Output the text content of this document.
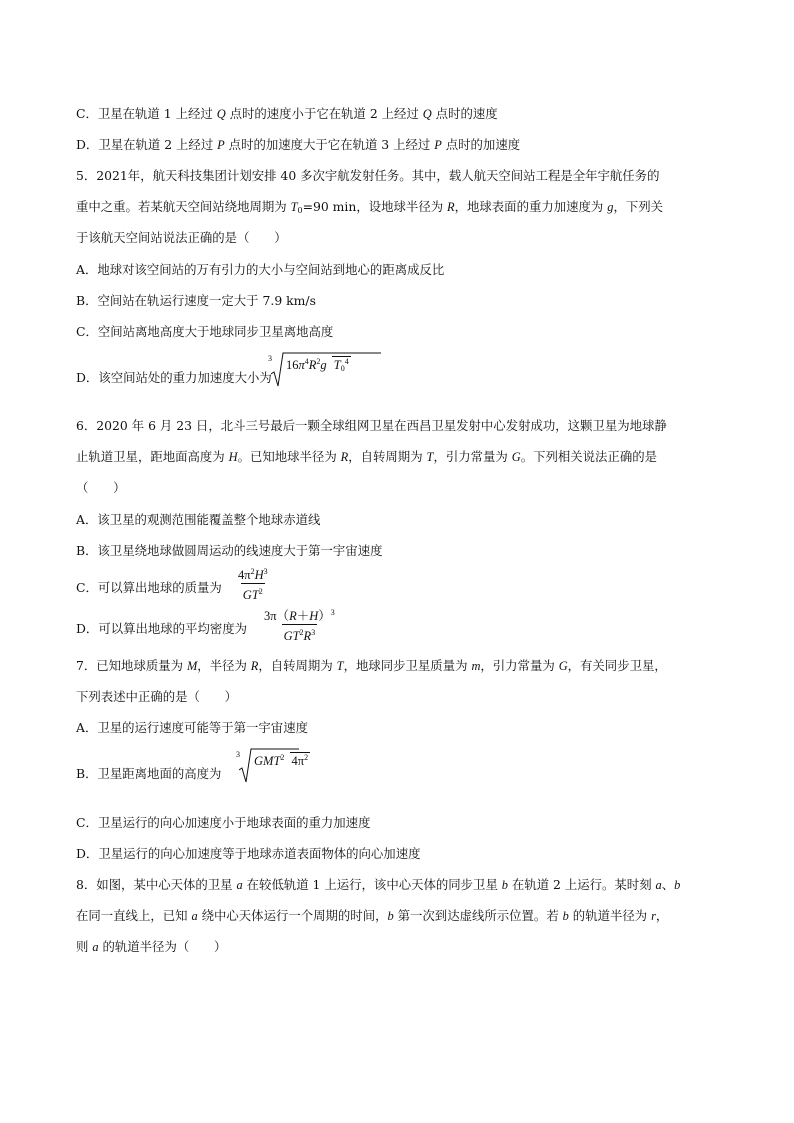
C．卫星在轨道 1 上经过 Q 点时的速度小于它在轨道 2 上经过 Q 点时的速度
D．卫星在轨道 2 上经过 P 点时的加速度大于它在轨道 3 上经过 P 点时的加速度
5．2021年，航天科技集团计划安排 40 多次宇航发射任务。其中，载人航天空间站工程是全年宇航任务的
重中之重。若某航天空间站绕地周期为 $T_0=90$ min，设地球半径为 R，地球表面的重力加速度为 g，下列关
于该航天空间站说法正确的是（　　）
A．地球对该空间站的万有引力的大小与空间站到地心的距离成反比
B．空间站在轨运行速度一定大于 7.9 km/s
C．空间站离地高度大于地球同步卫星离地高度
D．该空间站处的重力加速度大小为
3 $16\pi^4R^2g$ $T_0^4$
6．2020 年 6 月 23 日，北斗三号最后一颗全球组网卫星在西昌卫星发射中心发射成功，这颗卫星为地球静
止轨道卫星，距地面高度为 H。已知地球半径为 R，自转周期为 T，引力常量为 G。下列相关说法正确的是
（　　）
A．该卫星的观测范围能覆盖整个地球赤道线
B．该卫星绕地球做圆周运动的线速度大于第一宇宙速度
C．可以算出地球的质量为 $\frac{4\pi^2H^3}{GT^2}$
D．可以算出地球的平均密度为 $\frac{3\pi(R+H)^3}{GT^2R^3}$
7．已知地球质量为 M，半径为 R，自转周期为 T，地球同步卫星质量为 m，引力常量为 G，有关同步卫星，
下列表述中正确的是（　　）
A．卫星的运行速度可能等于第一宇宙速度
B．卫星距离地面的高度为
3 GMT$^2$ $4\pi^2$
C．卫星运行的向心加速度小于地球表面的重力加速度
D．卫星运行的向心加速度等于地球赤道表面物体的向心加速度
8．如图，某中心天体的卫星 a 在较低轨道 1 上运行，该中心天体的同步卫星 b 在轨道 2 上运行。某时刻 a、b
在同一直线上，已知 a 绕中心天体运行一个周期的时间，b 第一次到达虚线所示位置。若 b 的轨道半径为 r，
则 a 的轨道半径为（　　）
